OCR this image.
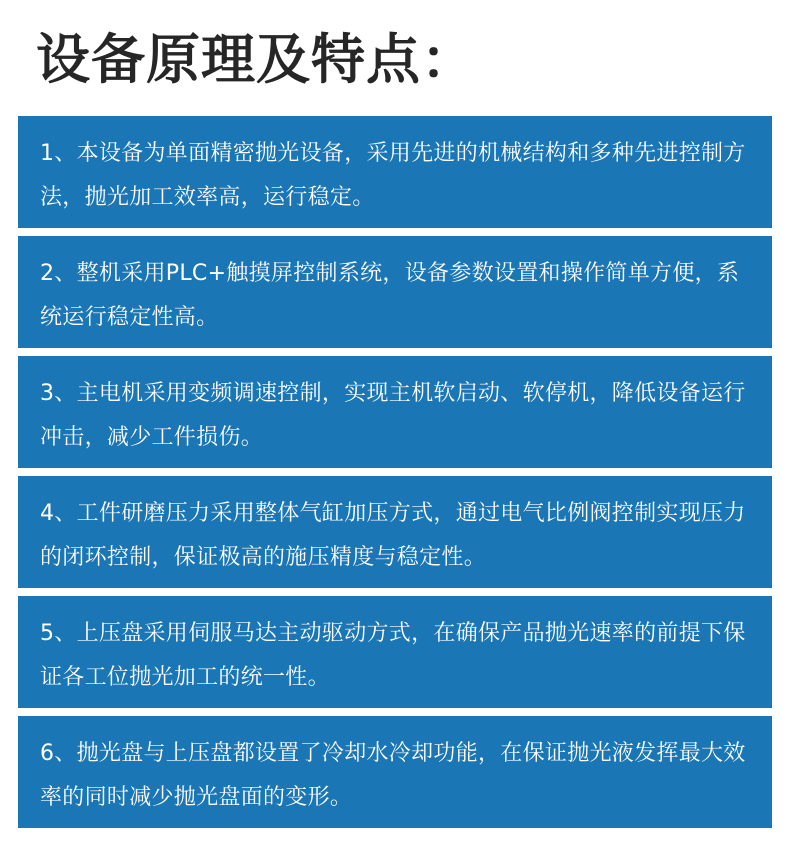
设备原理及特点：
1、本设备为单面精密抛光设备，采用先进的机械结构和多种先进控制方法，抛光加工效率高，运行稳定。
2、整机采用PLC+触摸屏控制系统，设备参数设置和操作简单方便，系统运行稳定性高。
3、主电机采用变频调速控制，实现主机软启动、软停机，降低设备运行冲击，减少工件损伤。
4、工件研磨压力采用整体气缸加压方式，通过电气比例阀控制实现压力的闭环控制，保证极高的施压精度与稳定性。
5、上压盘采用伺服马达主动驱动方式，在确保产品抛光速率的前提下保证各工位抛光加工的统一性。
6、抛光盘与上压盘都设置了冷却水冷却功能，在保证抛光液发挥最大效率的同时减少抛光盘面的变形。
